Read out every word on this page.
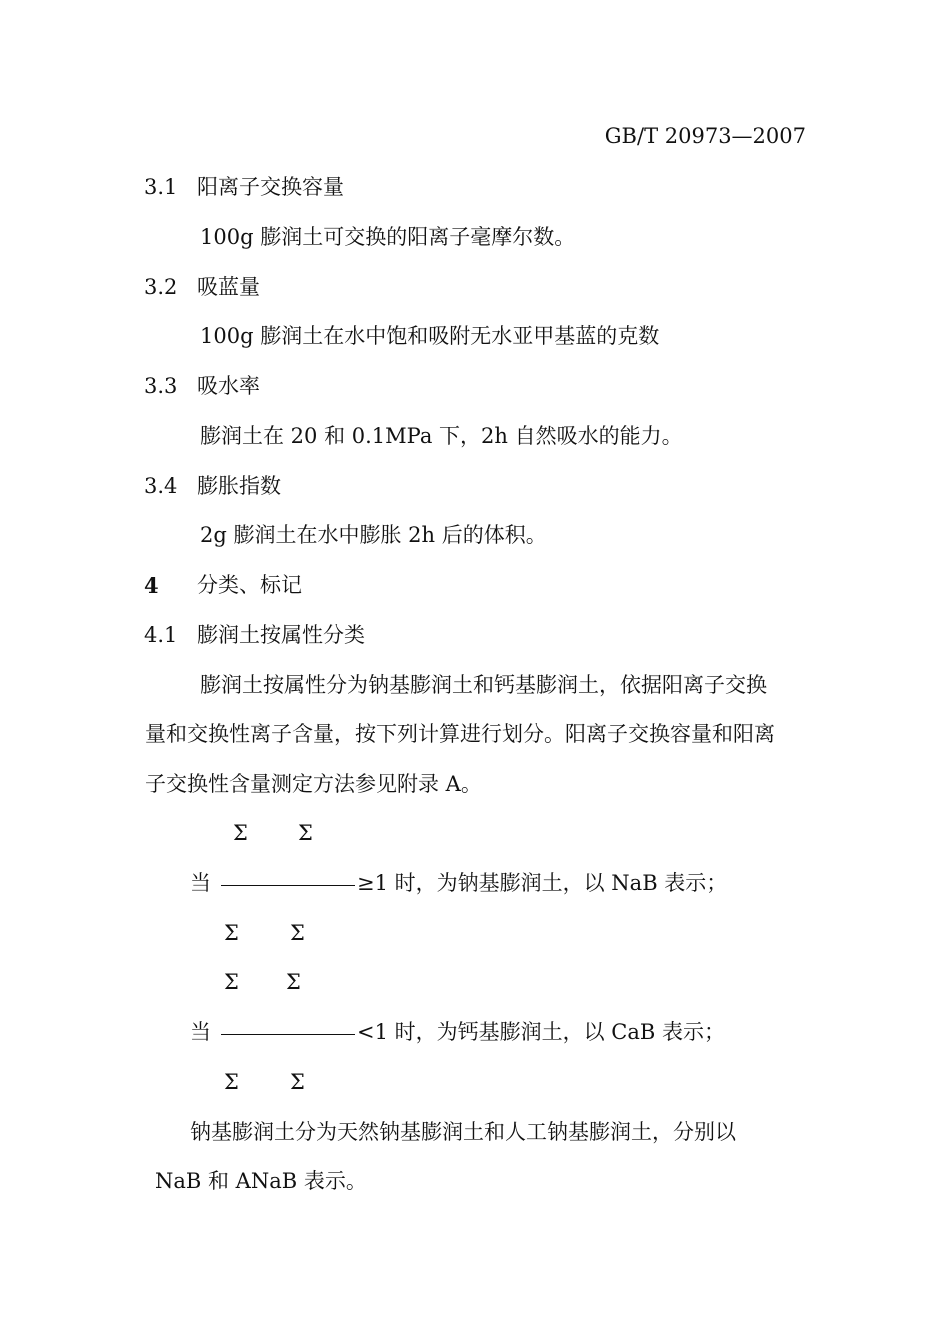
GB/T 20973—2007
3.1 阳离子交换容量
100g 膨润土可交换的阳离子毫摩尔数。
3.2 吸蓝量
100g 膨润土在水中饱和吸附无水亚甲基蓝的克数
3.3 吸水率
膨润土在 20 和 0.1MPa 下，2h 自然吸水的能力。
3.4 膨胀指数
2g 膨润土在水中膨胀 2h 后的体积。
4 分类、标记
4.1 膨润土按属性分类
膨润土按属性分为钠基膨润土和钙基膨润土，依据阳离子交换
量和交换性离子含量，按下列计算进行划分。阳离子交换容量和阳离
子交换性含量测定方法参见附录 A。
Σ Σ
当	≥1 时，为钠基膨润土，以 NaB 表示；
Σ Σ
Σ Σ
当	<1 时，为钙基膨润土，以 CaB 表示；
Σ Σ
钠基膨润土分为天然钠基膨润土和人工钠基膨润土，分别以
NaB 和 ANaB 表示。
